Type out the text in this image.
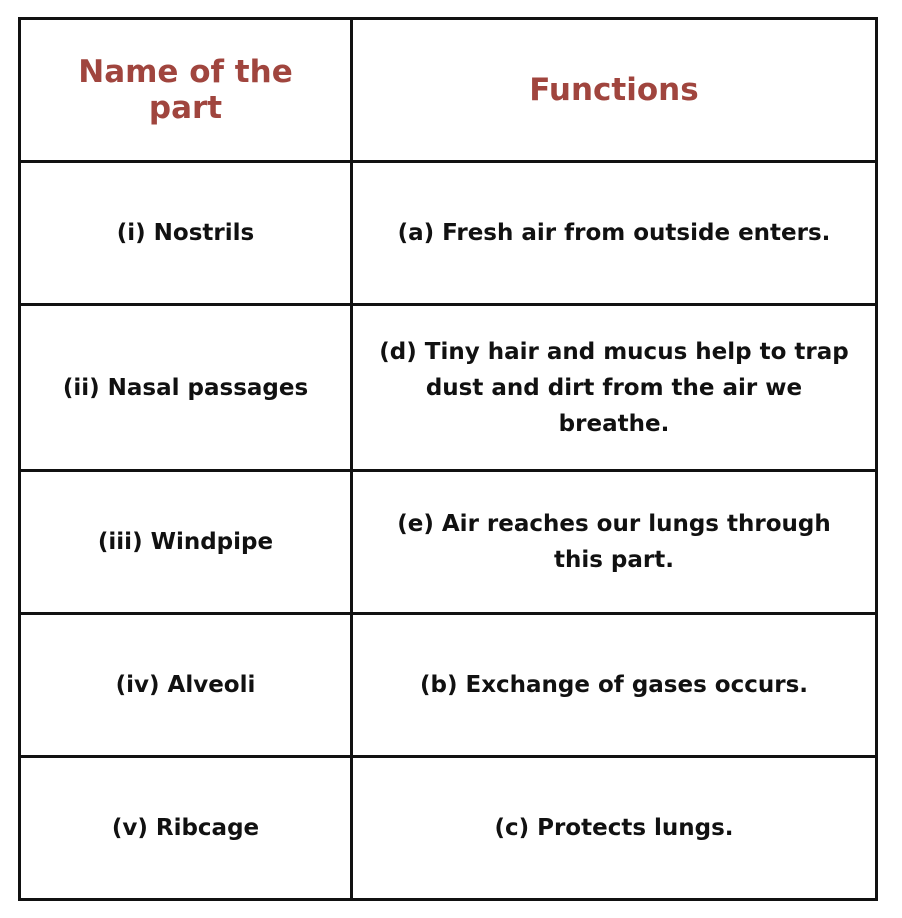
Name of the part	Functions
(i) Nostrils	(a) Fresh air from outside enters.
(ii) Nasal passages	(d) Tiny hair and mucus help to trap dust and dirt from the air we breathe.
(iii) Windpipe	(e) Air reaches our lungs through this part.
(iv) Alveoli	(b) Exchange of gases occurs.
(v) Ribcage	(c) Protects lungs.
